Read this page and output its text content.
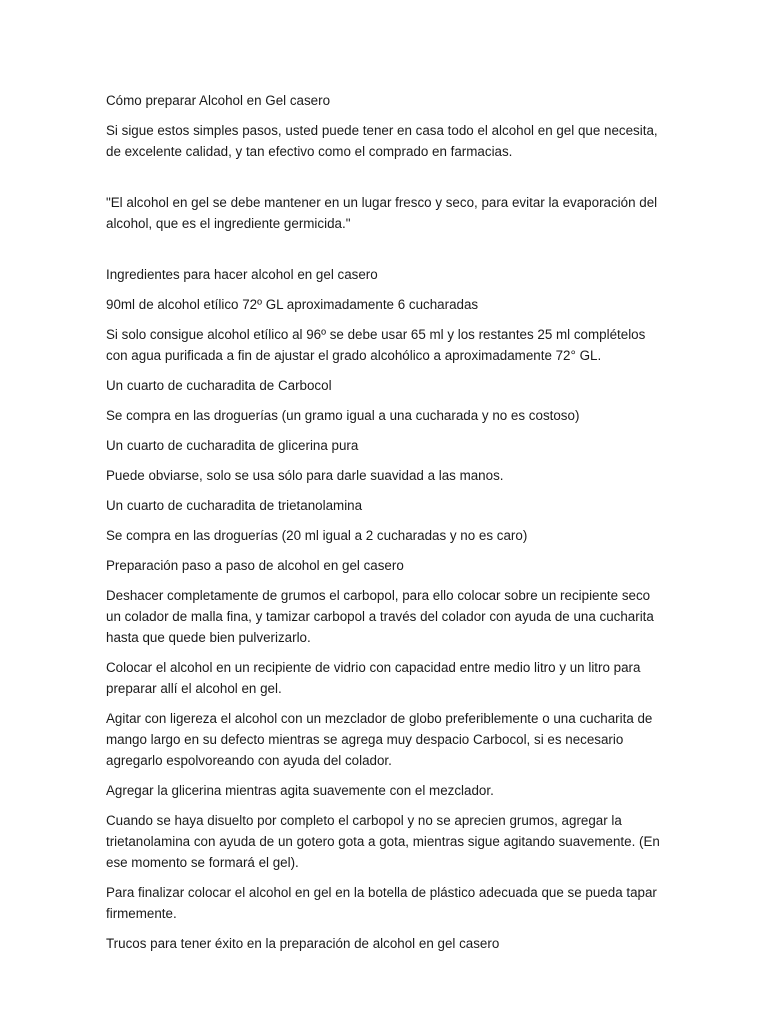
Cómo preparar Alcohol en Gel casero

Si sigue estos simples pasos, usted puede tener en casa todo el alcohol en gel que necesita, de excelente calidad, y tan efectivo como el comprado en farmacias.

"El alcohol en gel se debe mantener en un lugar fresco y seco, para evitar la evaporación del alcohol, que es el ingrediente germicida."

Ingredientes para hacer alcohol en gel casero

90ml de alcohol etílico 72º GL aproximadamente 6 cucharadas

Si solo consigue alcohol etílico al 96º se debe usar 65 ml y los restantes 25 ml complételos con agua purificada a fin de ajustar el grado alcohólico a aproximadamente 72° GL.

Un cuarto de cucharadita de Carbocol

Se compra en las droguerías (un gramo igual a una cucharada y no es costoso)

Un cuarto de cucharadita de glicerina pura

Puede obviarse, solo se usa sólo para darle suavidad a las manos.

Un cuarto de cucharadita de trietanolamina

Se compra en las droguerías (20 ml igual a 2 cucharadas y no es caro)

Preparación paso a paso de alcohol en gel casero

Deshacer completamente de grumos el carbopol, para ello colocar sobre un recipiente seco un colador de malla fina, y tamizar carbopol a través del colador con ayuda de una cucharita hasta que quede bien pulverizarlo.

Colocar el alcohol en un recipiente de vidrio con capacidad entre medio litro y un litro para preparar allí el alcohol en gel.

Agitar con ligereza el alcohol con un mezclador de globo preferiblemente o una cucharita de mango largo en su defecto mientras se agrega muy despacio Carbocol, si es necesario agregarlo espolvoreando con ayuda del colador.

Agregar la glicerina mientras agita suavemente con el mezclador.

Cuando se haya disuelto por completo el carbopol y no se aprecien grumos, agregar la trietanolamina con ayuda de un gotero gota a gota, mientras sigue agitando suavemente. (En ese momento se formará el gel).

Para finalizar colocar el alcohol en gel en la botella de plástico adecuada que se pueda tapar firmemente.

Trucos para tener éxito en la preparación de alcohol en gel casero
